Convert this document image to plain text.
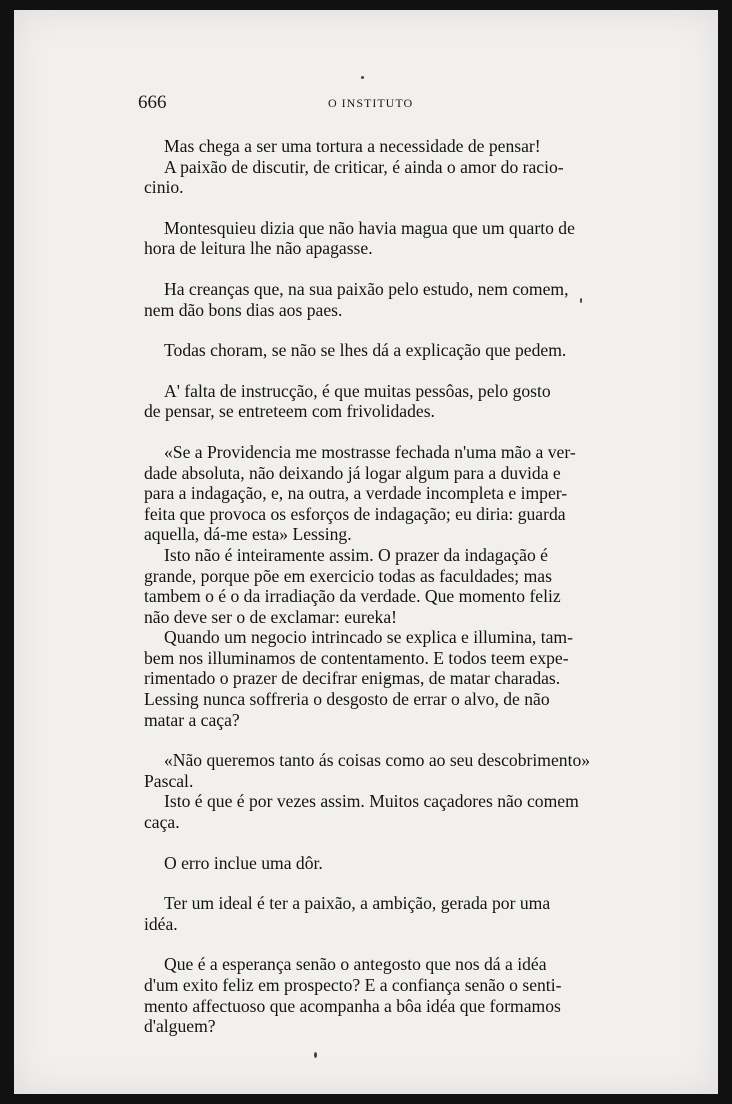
666	O INSTITUTO

Mas chega a ser uma tortura a necessidade de pensar!

A paixão de discutir, de criticar, é ainda o amor do racio-
cinio.

Montesquieu dizia que não havia magua que um quarto de
hora de leitura lhe não apagasse.

Ha creanças que, na sua paixão pelo estudo, nem comem,
nem dão bons dias aos paes.

Todas choram, se não se lhes dá a explicação que pedem.

A' falta de instrucção, é que muitas pessôas, pelo gosto
de pensar, se entreteem com frivolidades.

«Se a Providencia me mostrasse fechada n'uma mão a ver-
dade absoluta, não deixando já logar algum para a duvida e
para a indagação, e, na outra, a verdade incompleta e imper-
feita que provoca os esforços de indagação; eu diria: guarda
aquella, dá-me esta» Lessing.

Isto não é inteiramente assim. O prazer da indagação é
grande, porque põe em exercicio todas as faculdades; mas
tambem o é o da irradiação da verdade. Que momento feliz
não deve ser o de exclamar: eureka!

Quando um negocio intrincado se explica e illumina, tam-
bem nos illuminamos de contentamento. E todos teem expe-
rimentado o prazer de decifrar enigmas, de matar charadas.
Lessing nunca soffreria o desgosto de errar o alvo, de não
matar a caça?

«Não queremos tanto ás coisas como ao seu descobrimento»
Pascal.

Isto é que é por vezes assim. Muitos caçadores não comem
caça.

O erro inclue uma dôr.

Ter um ideal é ter a paixão, a ambição, gerada por uma
idéa.

Que é a esperança senão o antegosto que nos dá a idéa
d'um exito feliz em prospecto? E a confiança senão o senti-
mento affectuoso que acompanha a bôa idéa que formamos
d'alguem?
